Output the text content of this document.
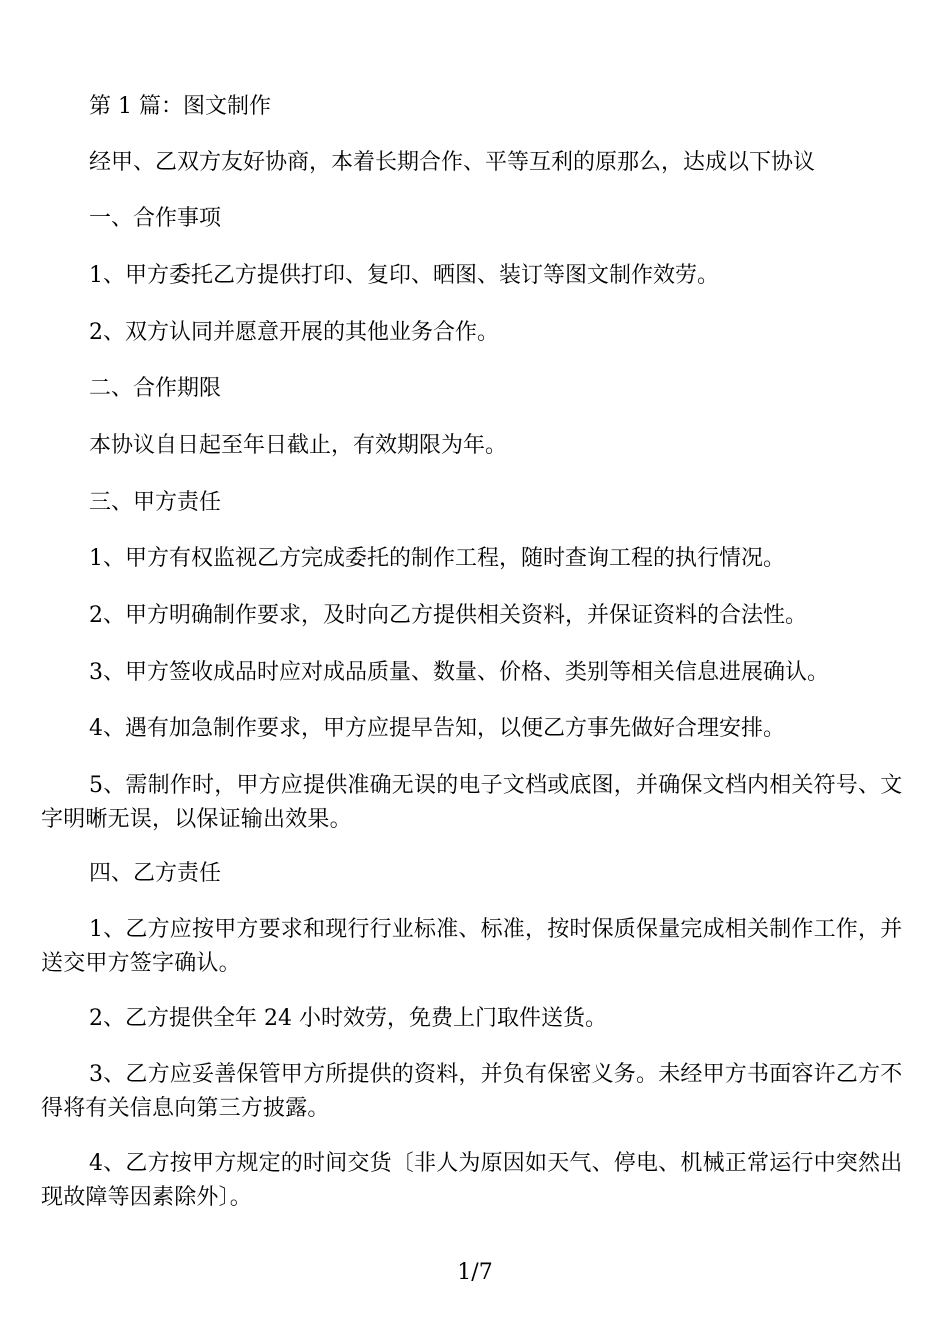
第 1 篇：图文制作

经甲、乙双方友好协商，本着长期合作、平等互利的原那么，达成以下协议

一、合作事项

1、甲方委托乙方提供打印、复印、晒图、装订等图文制作效劳。

2、双方认同并愿意开展的其他业务合作。

二、合作期限

本协议自日起至年日截止，有效期限为年。

三、甲方责任

1、甲方有权监视乙方完成委托的制作工程，随时查询工程的执行情况。

2、甲方明确制作要求，及时向乙方提供相关资料，并保证资料的合法性。

3、甲方签收成品时应对成品质量、数量、价格、类别等相关信息进展确认。

4、遇有加急制作要求，甲方应提早告知，以便乙方事先做好合理安排。

5、需制作时，甲方应提供准确无误的电子文档或底图，并确保文档内相关符号、文字明晰无误，以保证输出效果。

四、乙方责任

1、乙方应按甲方要求和现行行业标准、标准，按时保质保量完成相关制作工作，并送交甲方签字确认。

2、乙方提供全年 24 小时效劳，免费上门取件送货。

3、乙方应妥善保管甲方所提供的资料，并负有保密义务。未经甲方书面容许乙方不得将有关信息向第三方披露。

4、乙方按甲方规定的时间交货〔非人为原因如天气、停电、机械正常运行中突然出现故障等因素除外〕。

1/7
